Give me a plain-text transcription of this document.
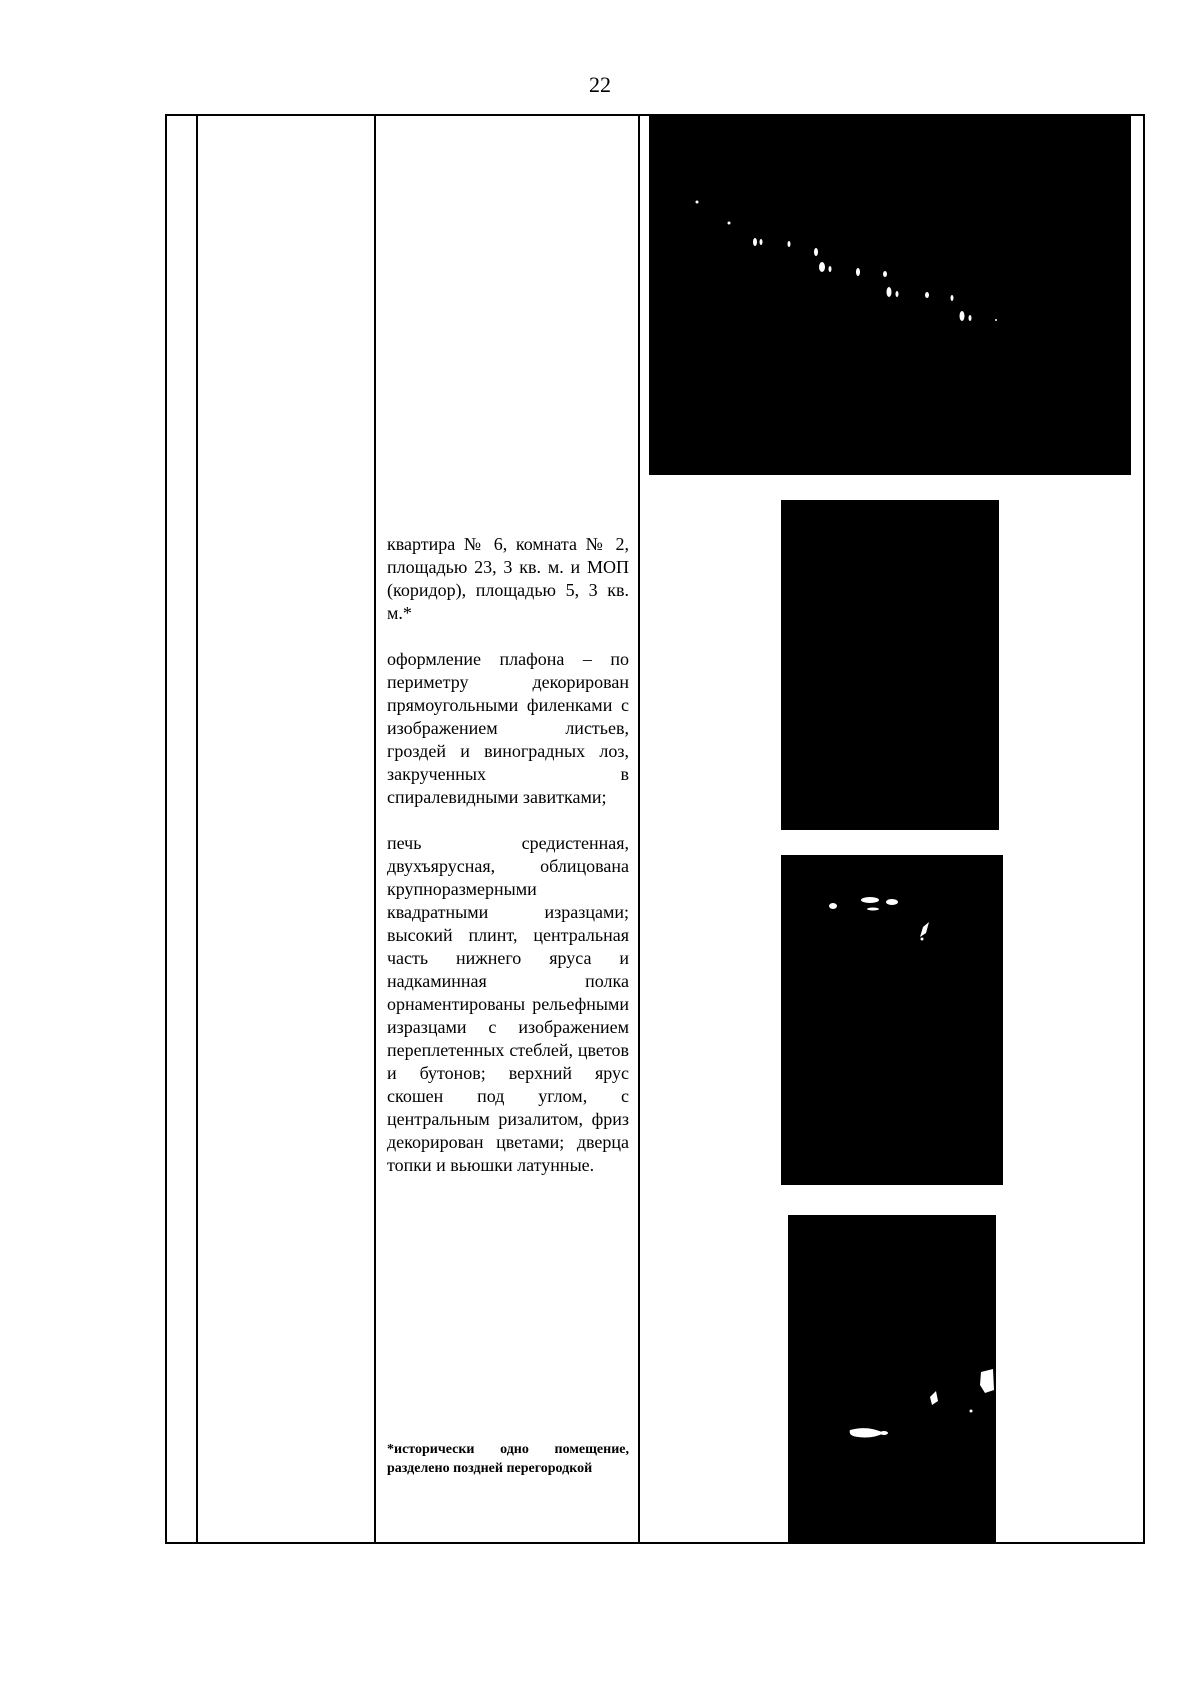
22

квартира № 6, комната № 2, площадью 23, 3 кв. м. и МОП (коридор), площадью 5, 3 кв. м.*

оформление плафона – по периметру декорирован прямоугольными филенками с изображением листьев, гроздей и виноградных лоз, закрученных в спиралевидными завитками;

печь средистенная, двухъярусная, облицована крупноразмерными квадратными изразцами; высокий плинт, центральная часть нижнего яруса и надкаминная полка орнаментированы рельефными изразцами с изображением переплетенных стеблей, цветов и бутонов; верхний ярус скошен под углом, с центральным ризалитом, фриз декорирован цветами; дверца топки и вьюшки латунные.

*исторически одно помещение, разделено поздней перегородкой
